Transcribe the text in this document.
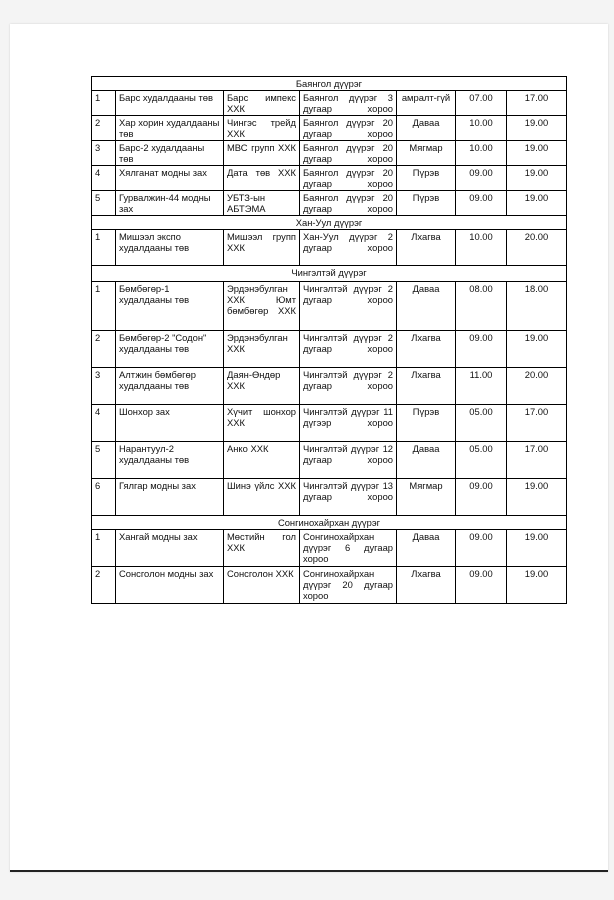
Баянгол дүүрэг						
1	Барс худалдааны төв	Барс импекс ХХК	Баянгол дүүрэг 3 дугаар хороо	амралт-гүй	07.00	17.00
2	Хар хорин худалдааны төв	Чингэс трейд ХХК	Баянгол дүүрэг 20 дугаар хороо	Даваа	10.00	19.00
3	Барс-2 худалдааны төв	МВС групп ХХК	Баянгол дүүрэг 20 дугаар хороо	Мягмар	10.00	19.00
4	Хялганат модны зах	Дата төв ХХК	Баянгол дүүрэг 20 дугаар хороо	Пүрэв	09.00	19.00
5	Гурвалжин-44 модны зах	УБТЗ-ын АБТЭМА	Баянгол дүүрэг 20 дугаар хороо	Пүрэв	09.00	19.00
Хан-Уул дүүрэг						
1	Мишээл экспо худалдааны төв	Мишээл групп ХХК	Хан-Уул дүүрэг 2 дугаар хороо	Лхагва	10.00	20.00
Чингэлтэй дүүрэг						
1	Бөмбөгөр-1 худалдааны төв	Эрдэнэбулган ХХК Юмт бөмбөгөр ХХК	Чингэлтэй дүүрэг 2 дугаар хороо	Даваа	08.00	18.00
2	Бөмбөгөр-2 "Содон" худалдааны төв	Эрдэнэбулган ХХК	Чингэлтэй дүүрэг 2 дугаар хороо	Лхагва	09.00	19.00
3	Алтжин бөмбөгөр худалдааны төв	Даян-Өндөр ХХК	Чингэлтэй дүүрэг 2 дугаар хороо	Лхагва	11.00	20.00
4	Шонхор зах	Хүчит шонхор ХХК	Чингэлтэй дүүрэг 11 дүгээр хороо	Пүрэв	05.00	17.00
5	Нарантуул-2 худалдааны төв	Анко ХХК	Чингэлтэй дүүрэг 12 дугаар хороо	Даваа	05.00	17.00
6	Гялгар модны зах	Шинэ үйлс ХХК	Чингэлтэй дүүрэг 13 дугаар хороо	Мягмар	09.00	19.00
Сонгинохайрхан дүүрэг						
1	Хангай модны зах	Мөстийн гол ХХК	Сонгинохайрхан дүүрэг 6 дугаар хороо	Даваа	09.00	19.00
2	Сонсголон модны зах	Сонсголон ХХК	Сонгинохайрхан дүүрэг 20 дугаар хороо	Лхагва	09.00	19.00
